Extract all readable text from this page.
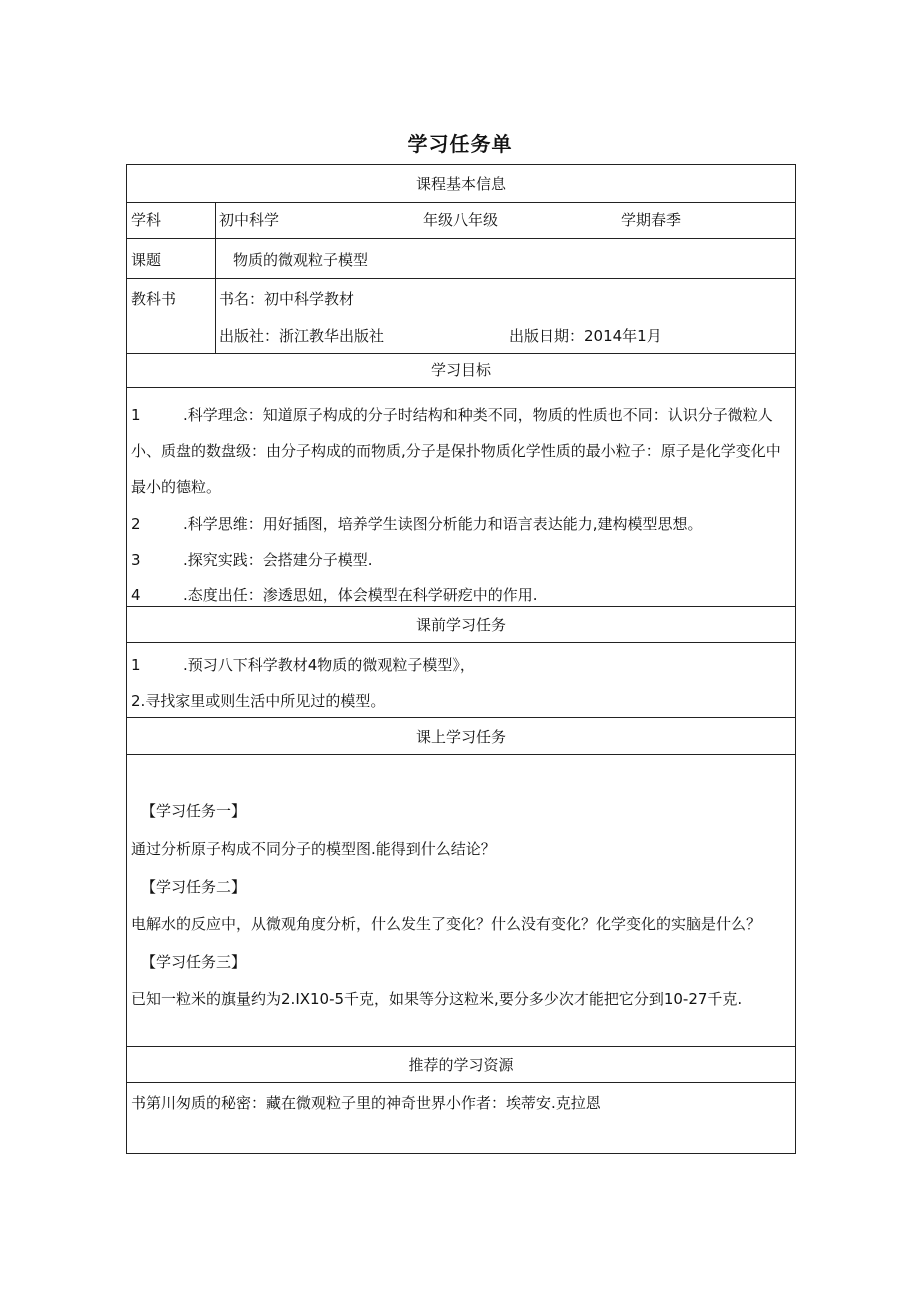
学习任务单
课程基本信息
学科	初中科学	年级八年级	学期春季
课题	物质的微观粒子模型
教科书	书名：初中科学教材
出版社：浙江教华出版社	出版日期：2014年1月
学习目标
1	.科学理念：知道原子构成的分子时结构和种类不同，物质的性质也不同：认识分子微粒人
小、质盘的数盘级：由分子构成的而物质,分子是保扑物质化学性质的最小粒子：原子是化学变化中
最小的德粒。
2	.科学思维：用好插图，培养学生读图分析能力和语言表达能力,建构模型思想。
3	.探究实践：会搭建分子模型.
4	.态度出任：渗透思妞，体会模型在科学研疙中的作用.
课前学习任务
1	.预习八下科学教材4物质的微观粒子模型》，
2.寻找家里或则生活中所见过的模型。
课上学习任务
【学习任务一】
通过分析原子构成不同分子的模型图.能得到什么结论？
【学习任务二】
电解水的反应中，从微观角度分析，什么发生了变化？什么没有变化？化学变化的实脑是什么？
【学习任务三】
已知一粒米的旗量约为2.IX10-5千克，如果等分这粒米,要分多少次才能把它分到10-27千克.
推荐的学习资源
书第川匆质的秘密：藏在微观粒子里的神奇世界小作者：埃蒂安.克拉恩
